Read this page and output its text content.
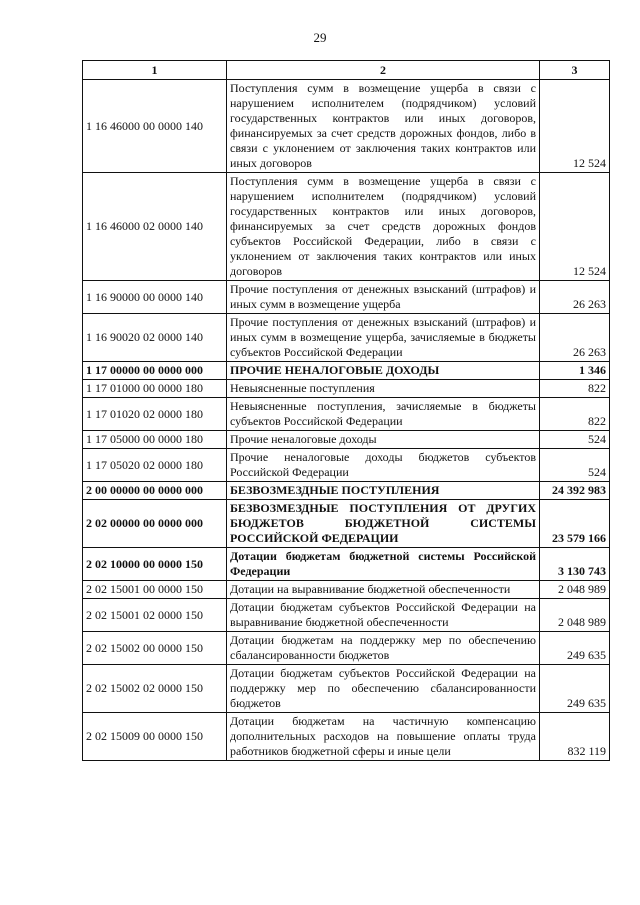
29
1	2	3
1 16 46000 00 0000 140	Поступления сумм в возмещение ущерба в связи с нарушением исполнителем (подрядчиком) условий государственных контрактов или иных договоров, финансируемых за счет средств дорожных фондов, либо в связи с уклонением от заключения таких контрактов или иных договоров	12 524
1 16 46000 02 0000 140	Поступления сумм в возмещение ущерба в связи с нарушением исполнителем (подрядчиком) условий государственных контрактов или иных договоров, финансируемых за счет средств дорожных фондов субъектов Российской Федерации, либо в связи с уклонением от заключения таких контрактов или иных договоров	12 524
1 16 90000 00 0000 140	Прочие поступления от денежных взысканий (штрафов) и иных сумм в возмещение ущерба	26 263
1 16 90020 02 0000 140	Прочие поступления от денежных взысканий (штрафов) и иных сумм в возмещение ущерба, зачисляемые в бюджеты субъектов Российской Федерации	26 263
1 17 00000 00 0000 000	ПРОЧИЕ НЕНАЛОГОВЫЕ ДОХОДЫ	1 346
1 17 01000 00 0000 180	Невыясненные поступления	822
1 17 01020 02 0000 180	Невыясненные поступления, зачисляемые в бюджеты субъектов Российской Федерации	822
1 17 05000 00 0000 180	Прочие неналоговые доходы	524
1 17 05020 02 0000 180	Прочие неналоговые доходы бюджетов субъектов Российской Федерации	524
2 00 00000 00 0000 000	БЕЗВОЗМЕЗДНЫЕ ПОСТУПЛЕНИЯ	24 392 983
2 02 00000 00 0000 000	БЕЗВОЗМЕЗДНЫЕ ПОСТУПЛЕНИЯ ОТ ДРУГИХ БЮДЖЕТОВ БЮДЖЕТНОЙ СИСТЕМЫ РОССИЙСКОЙ ФЕДЕРАЦИИ	23 579 166
2 02 10000 00 0000 150	Дотации бюджетам бюджетной системы Российской Федерации	3 130 743
2 02 15001 00 0000 150	Дотации на выравнивание бюджетной обеспеченности	2 048 989
2 02 15001 02 0000 150	Дотации бюджетам субъектов Российской Федерации на выравнивание бюджетной обеспеченности	2 048 989
2 02 15002 00 0000 150	Дотации бюджетам на поддержку мер по обеспечению сбалансированности бюджетов	249 635
2 02 15002 02 0000 150	Дотации бюджетам субъектов Российской Федерации на поддержку мер по обеспечению сбалансированности бюджетов	249 635
2 02 15009 00 0000 150	Дотации бюджетам на частичную компенсацию дополнительных расходов на повышение оплаты труда работников бюджетной сферы и иные цели	832 119
